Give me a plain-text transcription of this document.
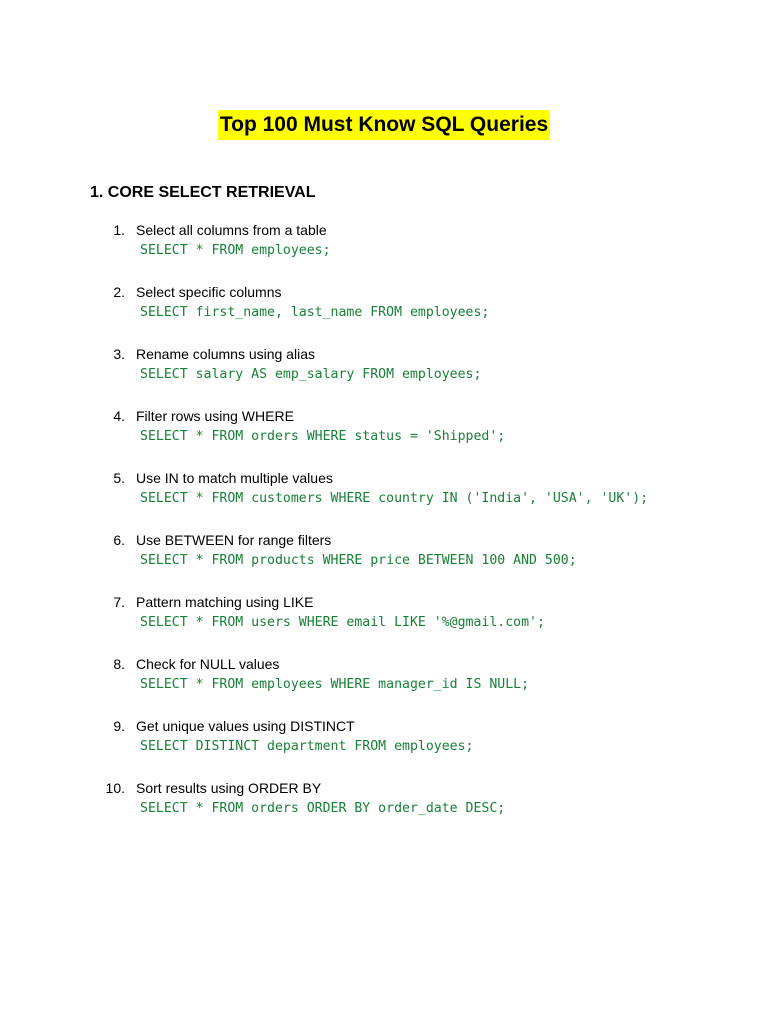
Top 100 Must Know SQL Queries
1. CORE SELECT RETRIEVAL
1. Select all columns from a table
SELECT * FROM employees;
2. Select specific columns
SELECT first_name, last_name FROM employees;
3. Rename columns using alias
SELECT salary AS emp_salary FROM employees;
4. Filter rows using WHERE
SELECT * FROM orders WHERE status = 'Shipped';
5. Use IN to match multiple values
SELECT * FROM customers WHERE country IN ('India', 'USA', 'UK');
6. Use BETWEEN for range filters
SELECT * FROM products WHERE price BETWEEN 100 AND 500;
7. Pattern matching using LIKE
SELECT * FROM users WHERE email LIKE '%@gmail.com';
8. Check for NULL values
SELECT * FROM employees WHERE manager_id IS NULL;
9. Get unique values using DISTINCT
SELECT DISTINCT department FROM employees;
10. Sort results using ORDER BY
SELECT * FROM orders ORDER BY order_date DESC;
